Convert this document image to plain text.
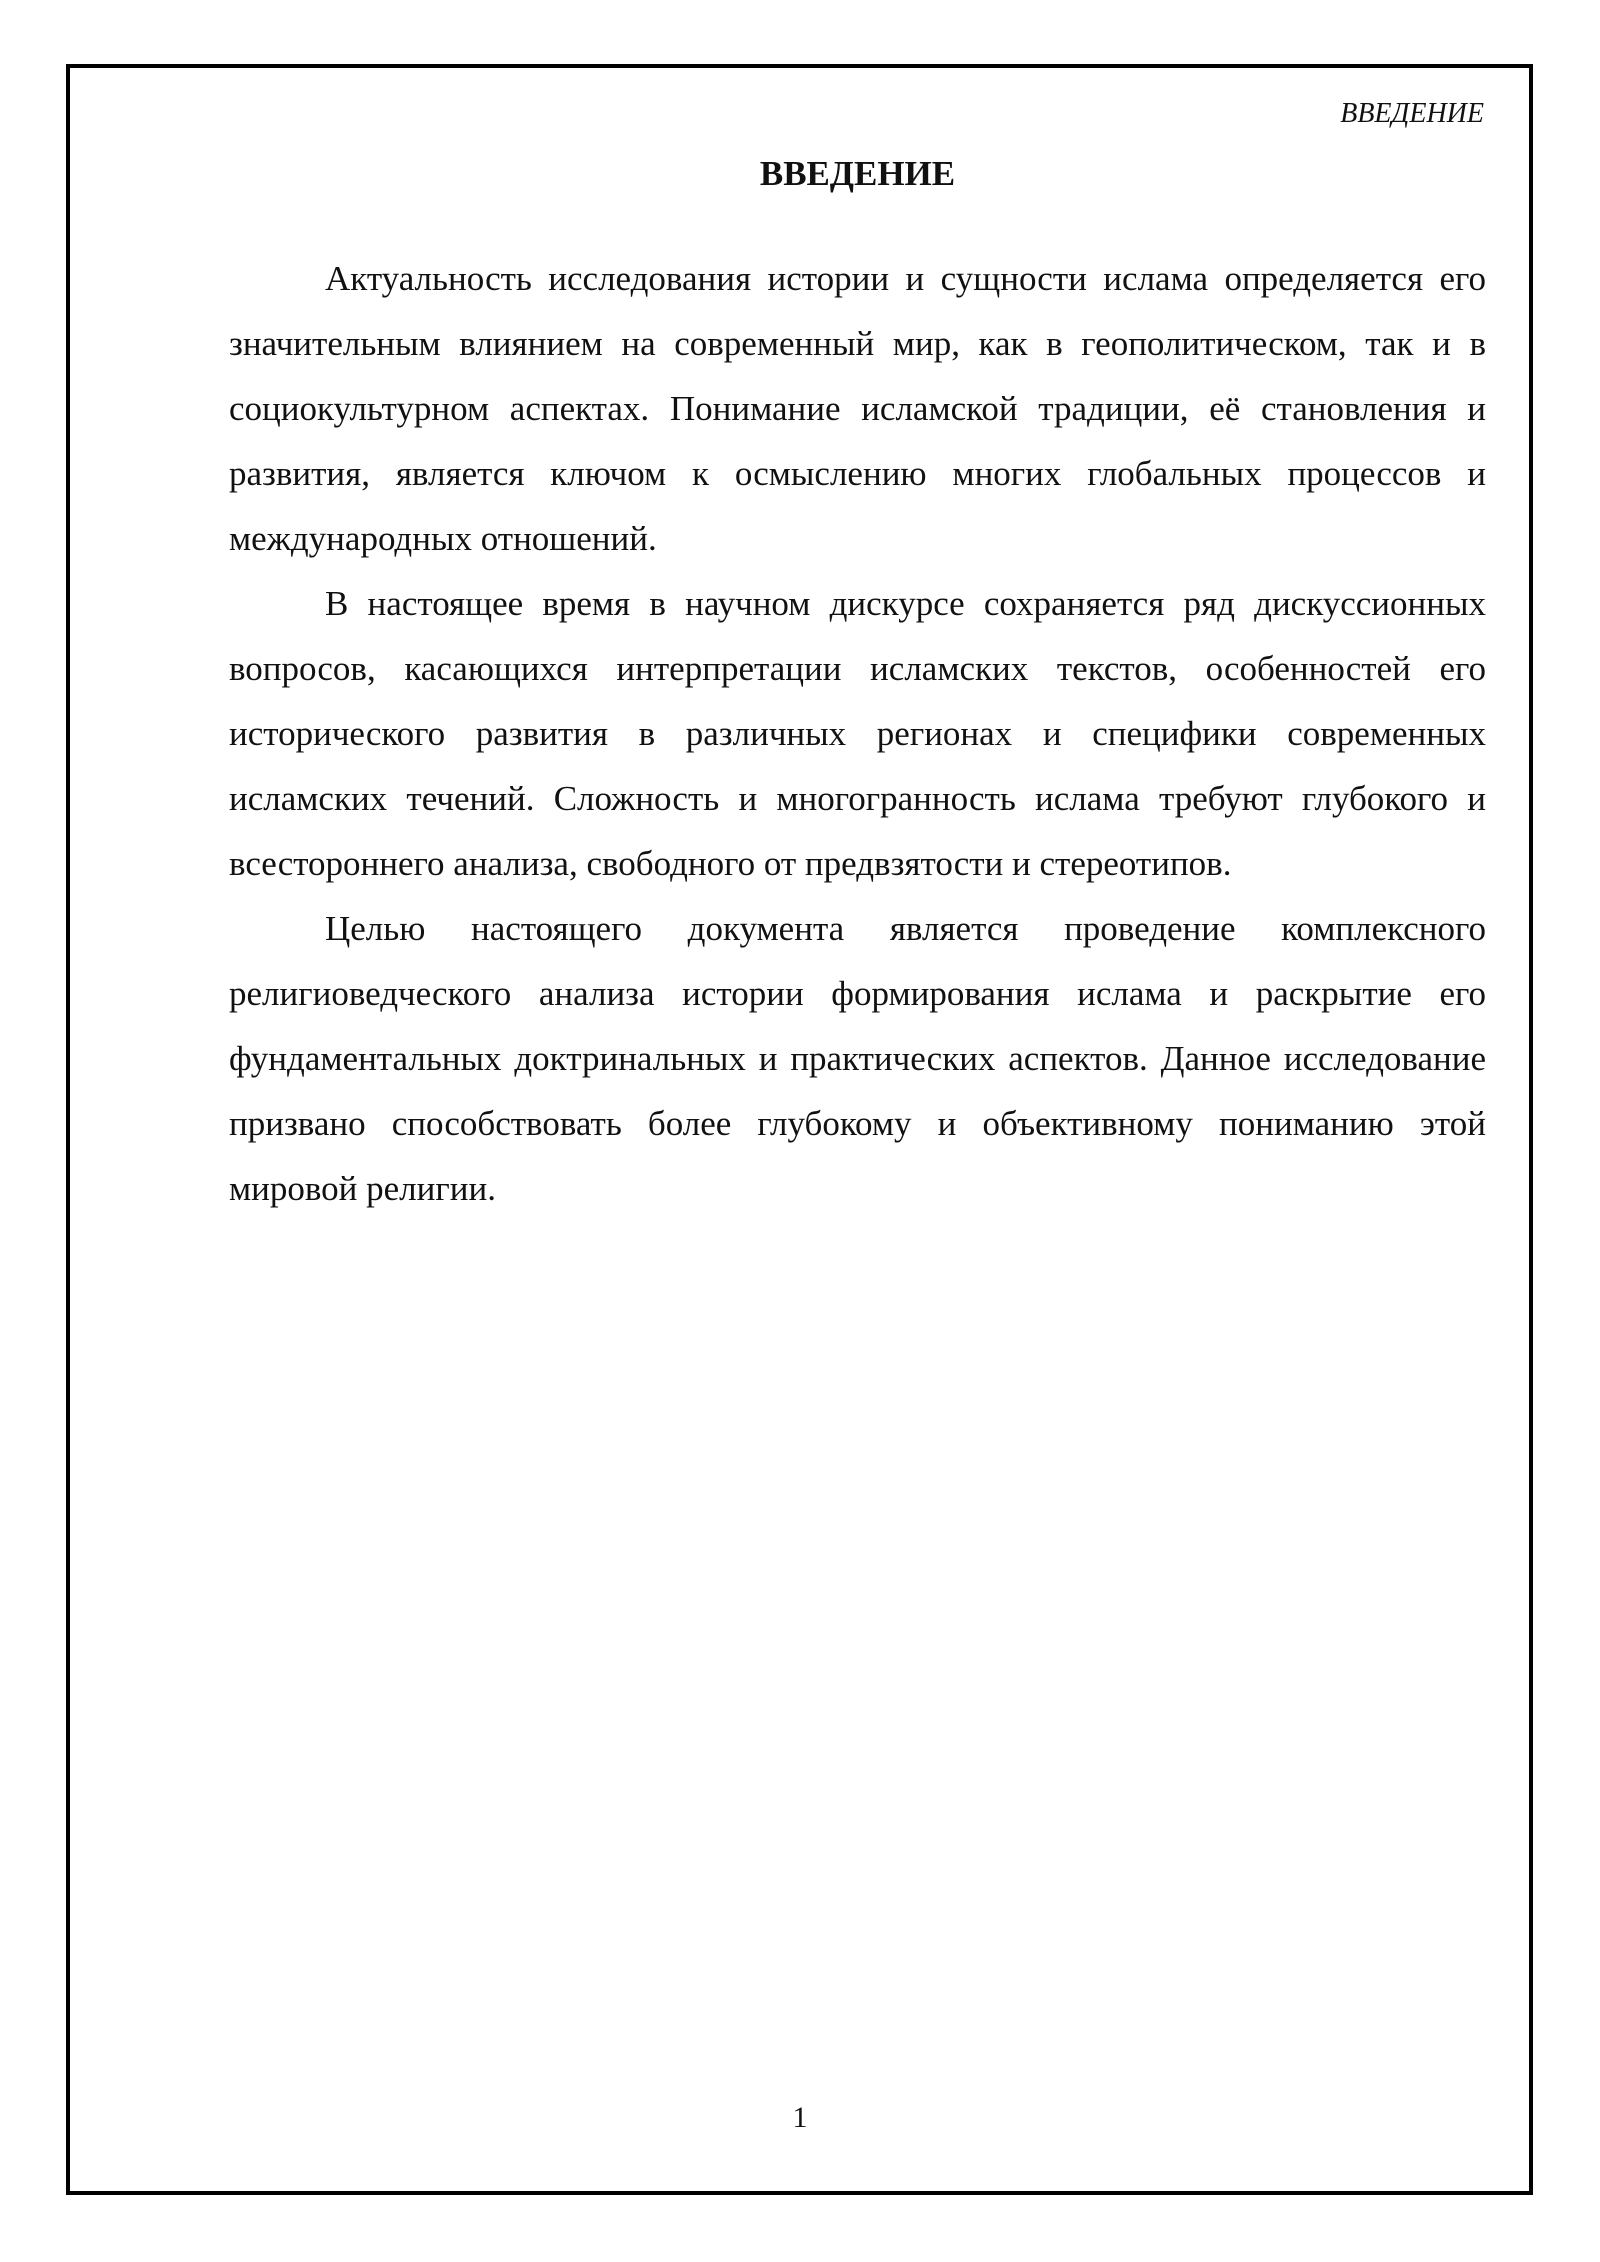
ВВЕДЕНИЕ
ВВЕДЕНИЕ

Актуальность исследования истории и сущности ислама определяется его значительным влиянием на современный мир, как в геополитическом, так и в социокультурном аспектах. Понимание исламской традиции, её становления и развития, является ключом к осмыслению многих глобальных процессов и международных отношений.

В настоящее время в научном дискурсе сохраняется ряд дискуссионных вопросов, касающихся интерпретации исламских текстов, особенностей его исторического развития в различных регионах и специфики современных исламских течений. Сложность и многогранность ислама требуют глубокого и всестороннего анализа, свободного от предвзятости и стереотипов.

Целью настоящего документа является проведение комплексного религиоведческого анализа истории формирования ислама и раскрытие его фундаментальных доктринальных и практических аспектов. Данное исследование призвано способствовать более глубокому и объективному пониманию этой мировой религии.

1
